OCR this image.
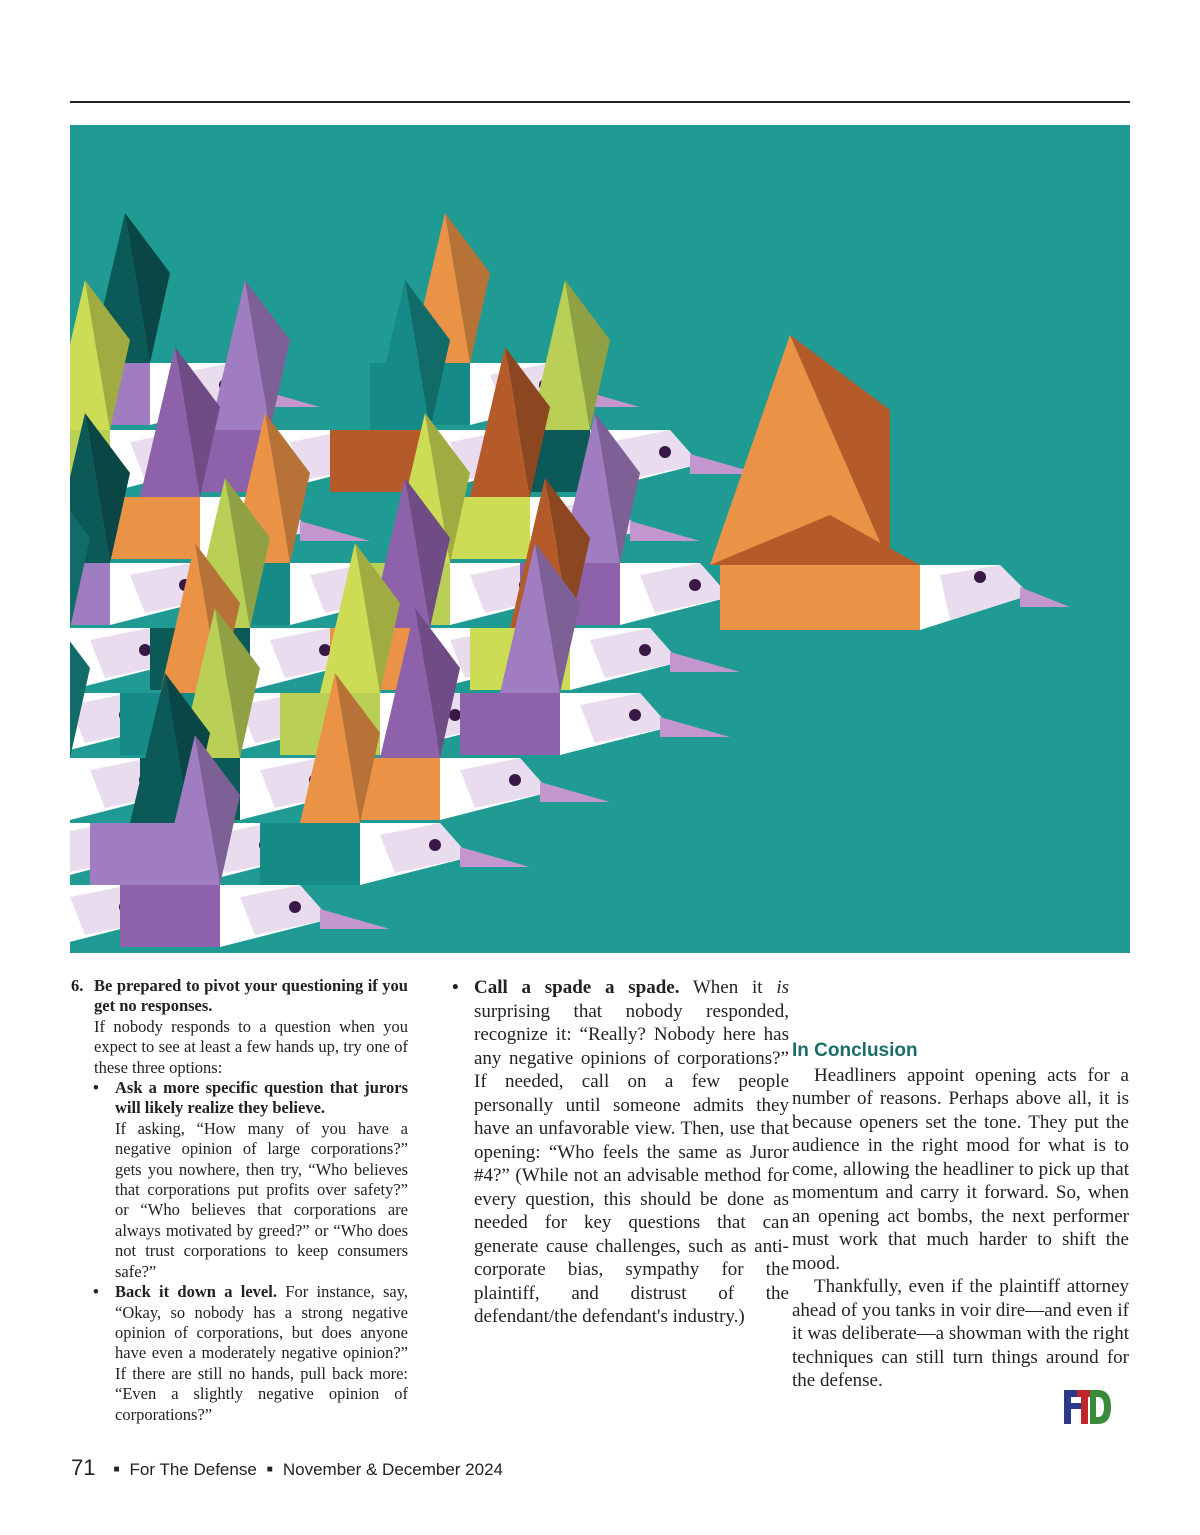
6. Be prepared to pivot your questioning if you get no responses.

If nobody responds to a question when you expect to see at least a few hands up, try one of these three options:

• Ask a more specific question that jurors will likely realize they believe.

If asking, “How many of you have a negative opinion of large corporations?” gets you nowhere, then try, “Who believes that corporations put profits over safety?” or “Who believes that corporations are always motivated by greed?” or “Who does not trust corporations to keep consumers safe?”

• Back it down a level. For instance, say, “Okay, so nobody has a strong negative opinion of corporations, but does anyone have even a moderately negative opinion?” If there are still no hands, pull back more: “Even a slightly negative opinion of corporations?”

• Call a spade a spade. When it is surprising that nobody responded, recognize it: “Really? Nobody here has any negative opinions of corporations?” If needed, call on a few people personally until someone admits they have an unfavorable view. Then, use that opening: “Who feels the same as Juror #4?” (While not an advisable method for every question, this should be done as needed for key questions that can generate cause challenges, such as anti-corporate bias, sympathy for the plaintiff, and distrust of the defendant/the defendant's industry.)

In Conclusion

Headliners appoint opening acts for a number of reasons. Perhaps above all, it is because openers set the tone. They put the audience in the right mood for what is to come, allowing the headliner to pick up that momentum and carry it forward. So, when an opening act bombs, the next performer must work that much harder to shift the mood.

Thankfully, even if the plaintiff attorney ahead of you tanks in voir dire—and even if it was deliberate—a showman with the right techniques can still turn things around for the defense.

71 ■ For The Defense ■ November & December 2024
